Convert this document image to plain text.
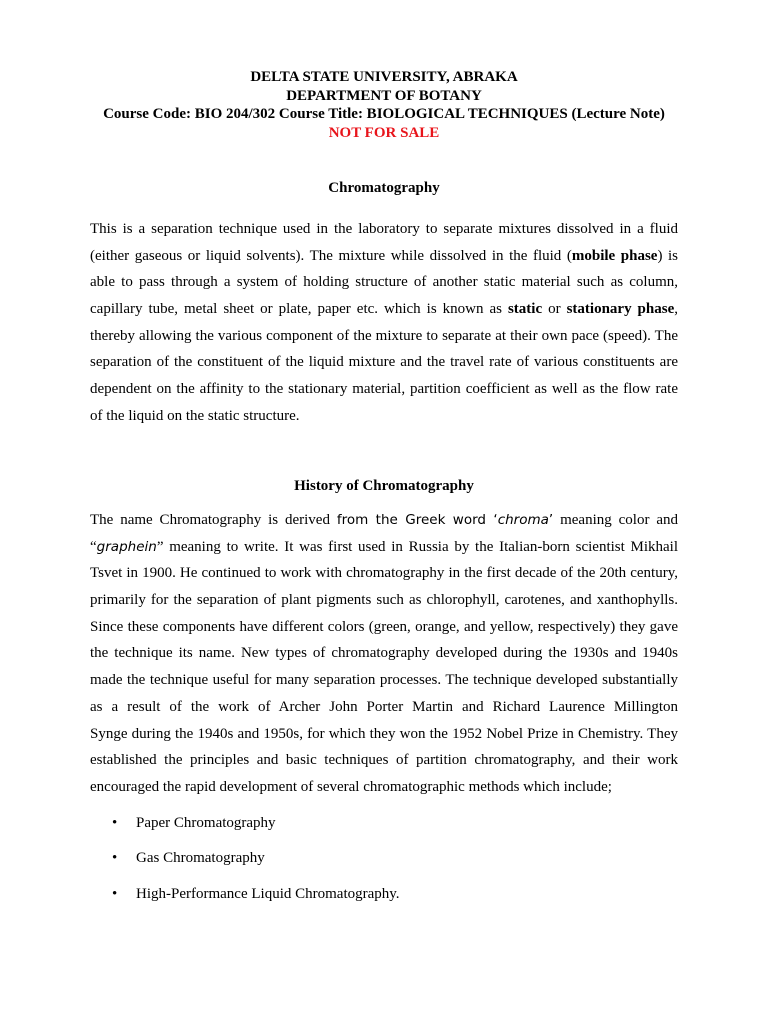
DELTA STATE UNIVERSITY, ABRAKA
DEPARTMENT OF BOTANY
Course Code: BIO 204/302 Course Title: BIOLOGICAL TECHNIQUES (Lecture Note)
NOT FOR SALE
Chromatography
This is a separation technique used in the laboratory to separate mixtures dissolved in a fluid
(either gaseous or liquid solvents). The mixture while dissolved in the fluid (mobile phase) is
able to pass through a system of holding structure of another static material such as column,
capillary tube, metal sheet or plate, paper etc. which is known as static or stationary phase,
thereby allowing the various component of the mixture to separate at their own pace (speed). The
separation of the constituent of the liquid mixture and the travel rate of various constituents are
dependent on the affinity to the stationary material, partition coefficient as well as the flow rate
of the liquid on the static structure.
History of Chromatography
The name Chromatography is derived from the Greek word ‘chroma’ meaning color and
“graphein” meaning to write. It was first used in Russia by the Italian-born scientist Mikhail
Tsvet in 1900. He continued to work with chromatography in the first decade of the 20th century,
primarily for the separation of plant pigments such as chlorophyll, carotenes, and xanthophylls.
Since these components have different colors (green, orange, and yellow, respectively) they gave
the technique its name. New types of chromatography developed during the 1930s and 1940s
made the technique useful for many separation processes. The technique developed substantially
as a result of the work of Archer John Porter Martin and Richard Laurence Millington
Synge during the 1940s and 1950s, for which they won the 1952 Nobel Prize in Chemistry. They
established the principles and basic techniques of partition chromatography, and their work
encouraged the rapid development of several chromatographic methods which include;
• Paper Chromatography
• Gas Chromatography
• High-Performance Liquid Chromatography.
